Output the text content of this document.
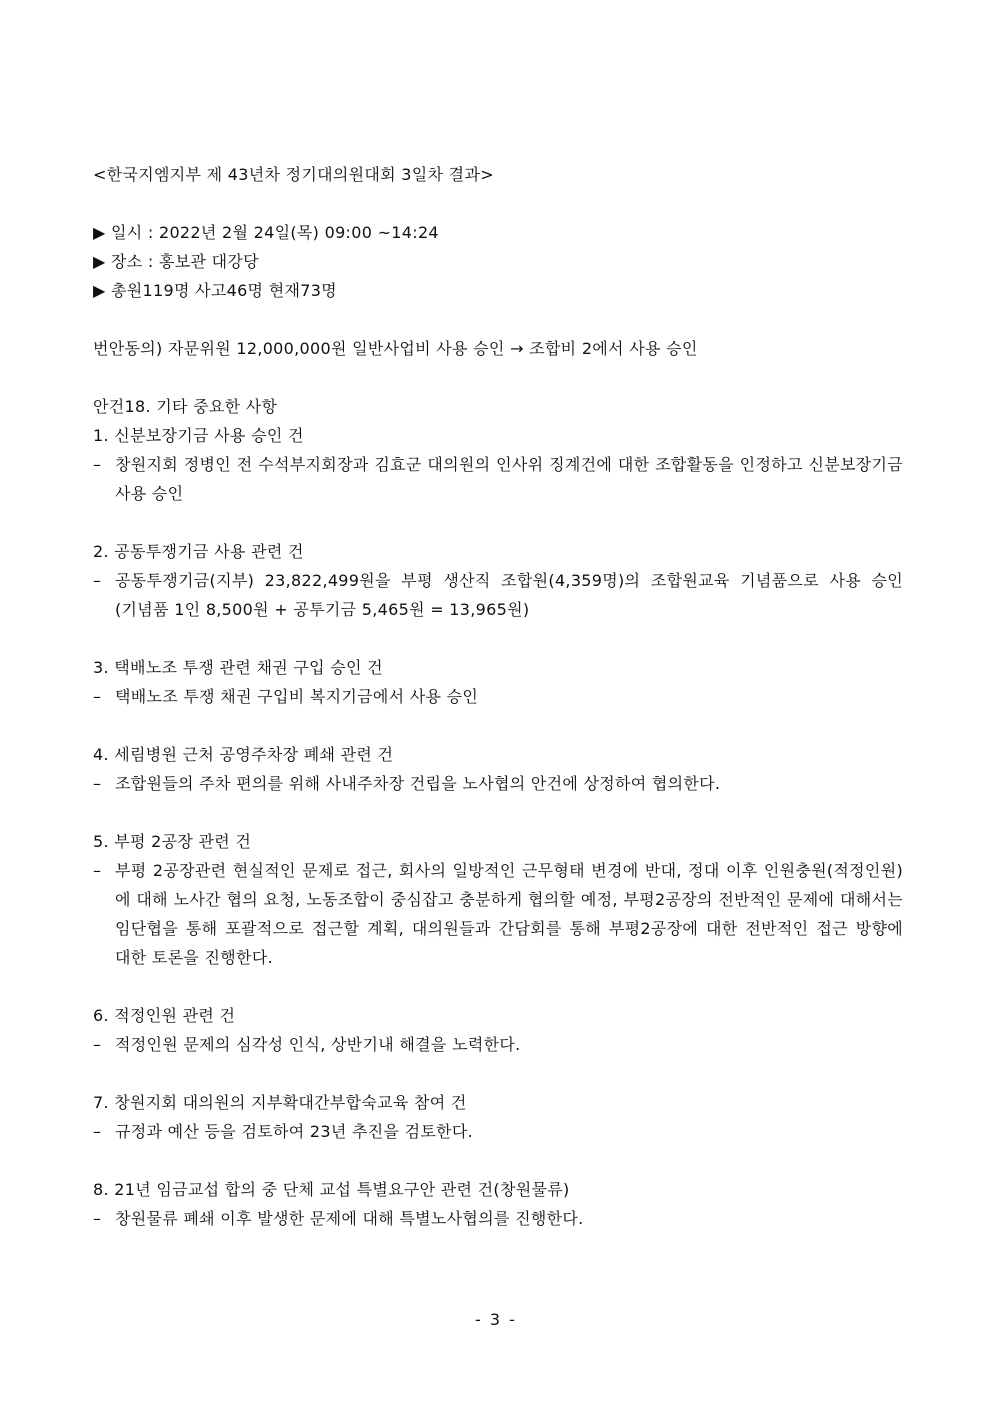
<한국지엠지부 제 43년차 정기대의원대회 3일차 결과>
▶ 일시 : 2022년 2월 24일(목) 09:00 ~14:24
▶ 장소 : 홍보관 대강당
▶ 총원119명 사고46명 현재73명
번안동의) 자문위원 12,000,000원 일반사업비 사용 승인 → 조합비 2에서 사용 승인
안건18. 기타 중요한 사항
1. 신분보장기금 사용 승인 건
– 창원지회 정병인 전 수석부지회장과 김효군 대의원의 인사위 징계건에 대한 조합활동을 인정하고 신분보장기금 사용 승인
2. 공동투쟁기금 사용 관련 건
– 공동투쟁기금(지부) 23,822,499원을 부평 생산직 조합원(4,359명)의 조합원교육 기념품으로 사용 승인(기념품 1인 8,500원 + 공투기금 5,465원 = 13,965원)
3. 택배노조 투쟁 관련 채권 구입 승인 건
– 택배노조 투쟁 채권 구입비 복지기금에서 사용 승인
4. 세림병원 근처 공영주차장 폐쇄 관련 건
– 조합원들의 주차 편의를 위해 사내주차장 건립을 노사협의 안건에 상정하여 협의한다.
5. 부평 2공장 관련 건
– 부평 2공장관련 현실적인 문제로 접근, 회사의 일방적인 근무형태 변경에 반대, 정대 이후 인원충원(적정인원)에 대해 노사간 협의 요청, 노동조합이 중심잡고 충분하게 협의할 예정, 부평2공장의 전반적인 문제에 대해서는 임단협을 통해 포괄적으로 접근할 계획, 대의원들과 간담회를 통해 부평2공장에 대한 전반적인 접근 방향에 대한 토론을 진행한다.
6. 적정인원 관련 건
– 적정인원 문제의 심각성 인식, 상반기내 해결을 노력한다.
7. 창원지회 대의원의 지부확대간부합숙교육 참여 건
– 규정과 예산 등을 검토하여 23년 추진을 검토한다.
8. 21년 임금교섭 합의 중 단체 교섭 특별요구안 관련 건(창원물류)
– 창원물류 폐쇄 이후 발생한 문제에 대해 특별노사협의를 진행한다.
- 3 -
